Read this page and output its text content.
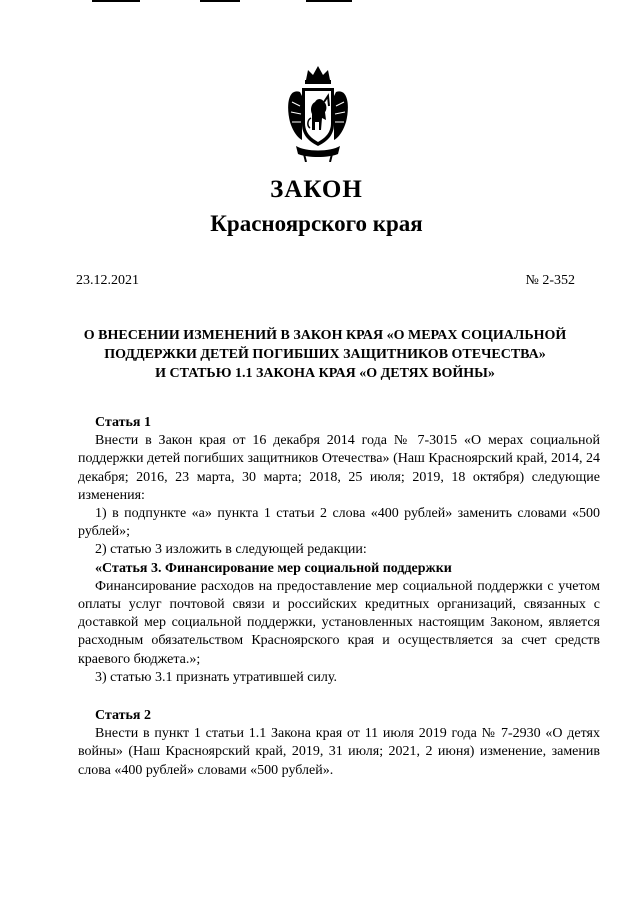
ЗАКОН
Красноярского края
23.12.2021	№ 2-352
О ВНЕСЕНИИ ИЗМЕНЕНИЙ В ЗАКОН КРАЯ «О МЕРАХ СОЦИАЛЬНОЙ
ПОДДЕРЖКИ ДЕТЕЙ ПОГИБШИХ ЗАЩИТНИКОВ ОТЕЧЕСТВА»
И СТАТЬЮ 1.1 ЗАКОНА КРАЯ «О ДЕТЯХ ВОЙНЫ»

Статья 1

Внести в Закон края от 16 декабря 2014 года № 7-3015 «О мерах социальной поддержки детей погибших защитников Отечества» (Наш Красноярский край, 2014, 24 декабря; 2016, 23 марта, 30 марта; 2018, 25 июля; 2019, 18 октября) следующие изменения:

1) в подпункте «а» пункта 1 статьи 2 слова «400 рублей» заменить словами «500 рублей»;

2) статью 3 изложить в следующей редакции:

«Статья 3. Финансирование мер социальной поддержки

Финансирование расходов на предоставление мер социальной поддержки с учетом оплаты услуг почтовой связи и российских кредитных организаций, связанных с доставкой мер социальной поддержки, установленных настоящим Законом, является расходным обязательством Красноярского края и осуществляется за счет средств краевого бюджета.»;

3) статью 3.1 признать утратившей силу.

Статья 2

Внести в пункт 1 статьи 1.1 Закона края от 11 июля 2019 года № 7-2930 «О детях войны» (Наш Красноярский край, 2019, 31 июля; 2021, 2 июня) изменение, заменив слова «400 рублей» словами «500 рублей».
